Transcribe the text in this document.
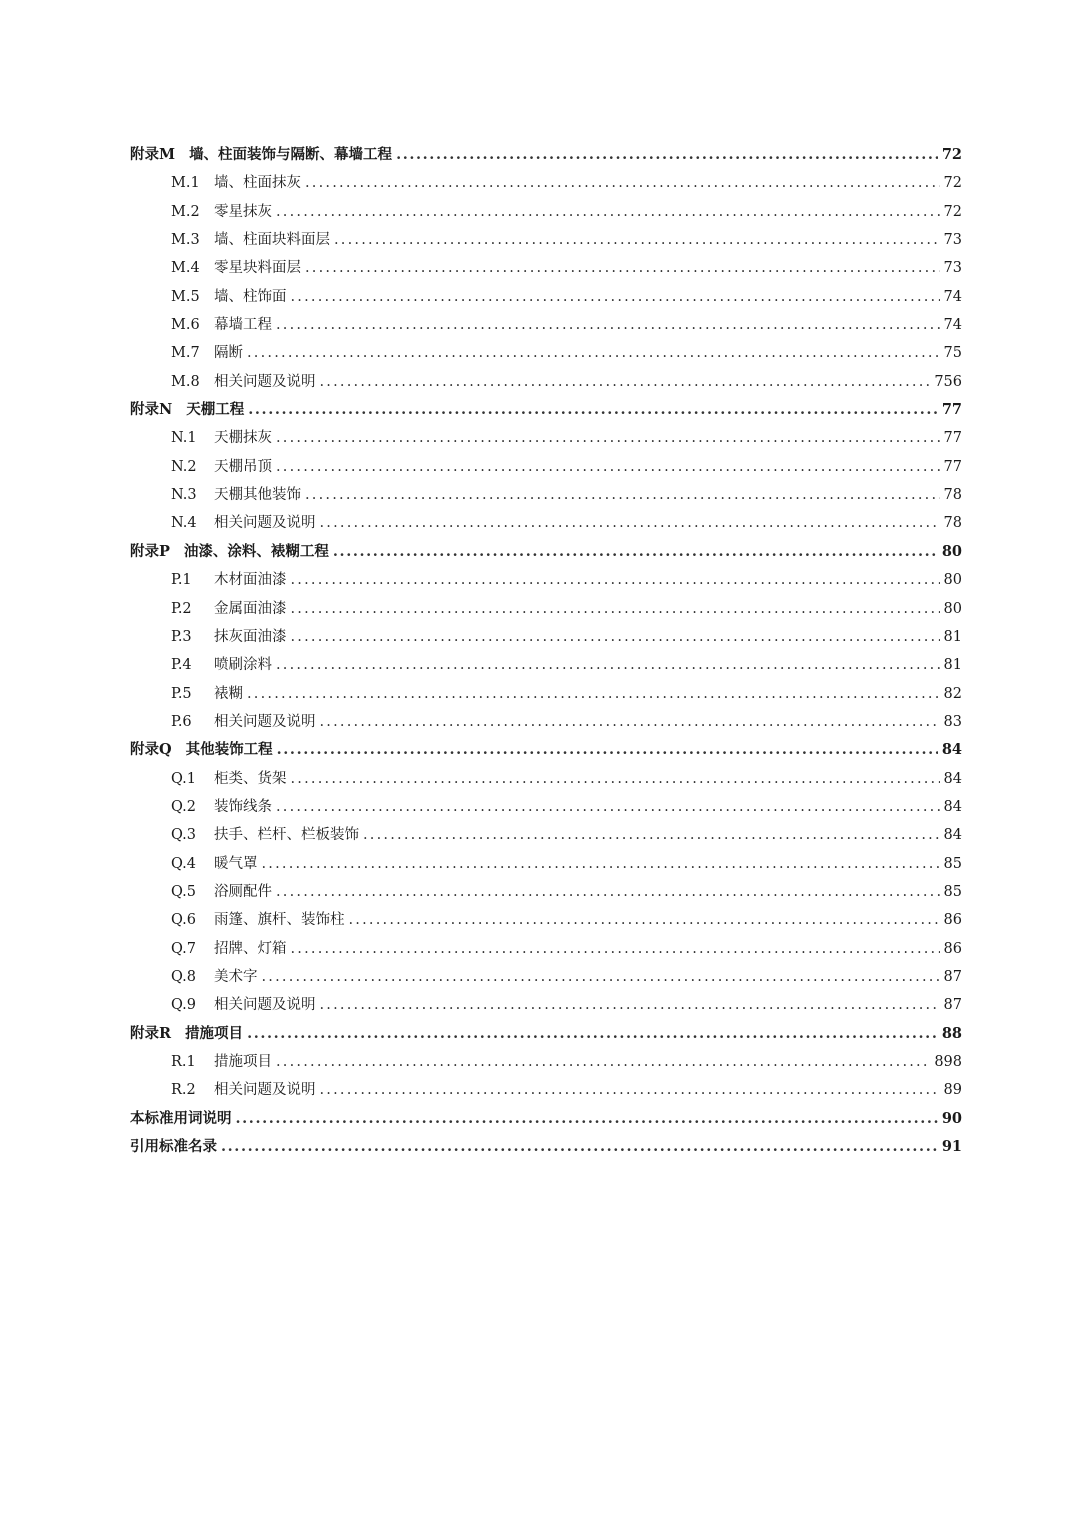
附录M 墙、柱面装饰与隔断、幕墙工程 .....	72
M.1 墙、柱面抹灰 .....	72
M.2 零星抹灰 .....	72
M.3 墙、柱面块料面层 .....	73
M.4 零星块料面层 .....	73
M.5 墙、柱饰面 .....	74
M.6 幕墙工程 .....	74
M.7 隔断 .....	75
M.8 相关问题及说明 .....	756
附录N 天棚工程 .....	77
N.1	天棚抹灰 .....	77
N.2	天棚吊顶 .....	77
N.3	天棚其他装饰 .....	78
N.4	相关问题及说明 .....	78
附录P 油漆、涂料、裱糊工程 .....	80
P.1	木材面油漆 .....	80
P.2	金属面油漆 .....	80
P.3	抹灰面油漆 .....	81
P.4	喷刷涂料 .....	81
P.5	裱糊 .....	82
P.6	相关问题及说明 .....	83
附录Q 其他装饰工程 .....	84
Q.1	柜类、货架 .....	84
Q.2	装饰线条 .....	84
Q.3	扶手、栏杆、栏板装饰 .....	84
Q.4	暖气罩 .....	85
Q.5	浴厕配件 .....	85
Q.6	雨篷、旗杆、装饰柱 .....	86
Q.7	招牌、灯箱 .....	86
Q.8	美术字 .....	87
Q.9	相关问题及说明 .....	87
附录R 措施项目 .....	88
R.1	措施项目 .....	898
R.2	相关问题及说明 .....	89
本标准用词说明 .....	90
引用标准名录 .....	91
